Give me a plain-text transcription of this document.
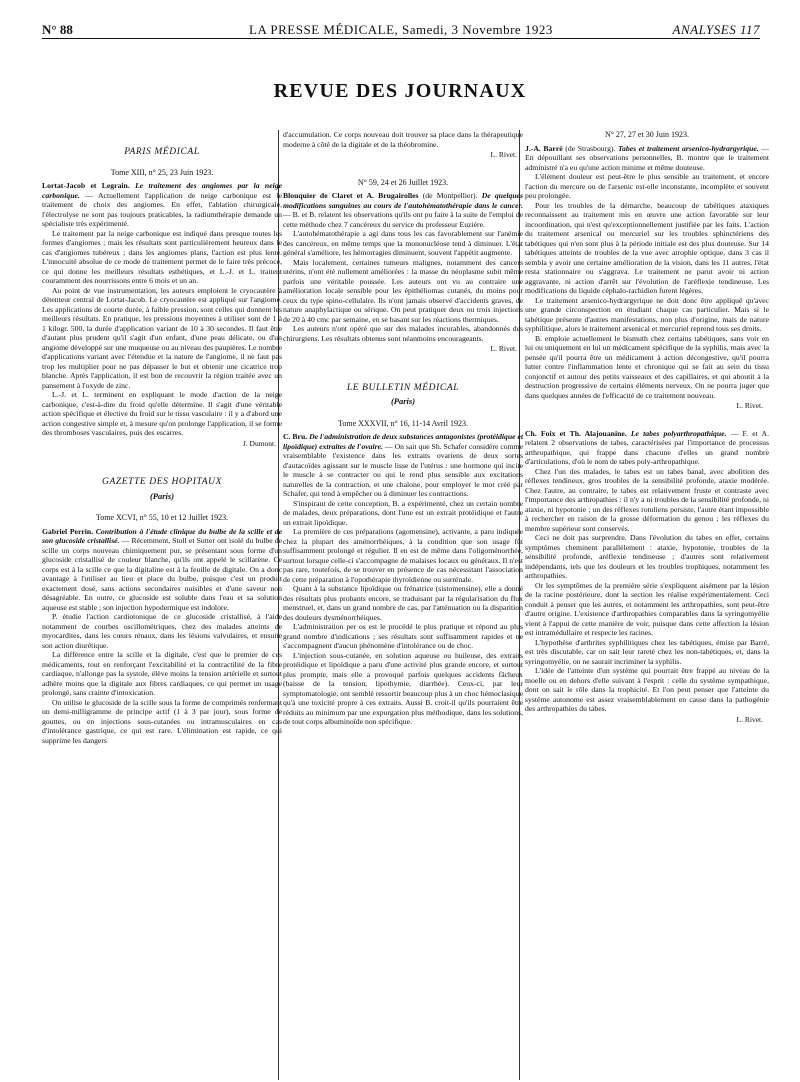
N° 88	LA PRESSE MÉDICALE, Samedi, 3 Novembre 1923	ANALYSES 117
REVUE DES JOURNAUX
PARIS MÉDICAL
Tome XIII, n° 25, 23 Juin 1923.

Lortat-Jacob et Legrain. Le traitement des angiomes par la neige carbonique. — Actuellement l'application de neige carbonique est le traitement de choix des angiomes. En effet, l'ablation chirurgicale, l'électrolyse ne sont pas toujours praticables, la radiumthérapie demande un spécialiste très expérimenté.

Le traitement par la neige carbonique est indiqué dans presque toutes les formes d'angiomes ; mais les résultats sont particulièrement heureux dans le cas d'angiomes tubéreux ; dans les angiomes plans, l'action est plus lente. L'innocuité absolue de ce mode de traitement permet de le faire très précoce, ce qui donne les meilleurs résultats esthétiques, et L.-J. et L. traitent couramment des nourrissons entre 6 mois et un an.

Au point de vue instrumentation, les auteurs emploient le cryocautère à détenteur central de Lortat-Jacob. Le cryocautère est appliqué sur l'angiome. Les applications de courte durée, à faible pression, sont celles qui donnent les meilleurs résultats. En pratique, les pressions moyennes à utiliser sont de 1 à 1 kilogr. 500, la durée d'application variant de 10 à 30 secondes. Il faut être d'autant plus prudent qu'il s'agit d'un enfant, d'une peau délicate, ou d'un angiome développé sur une muqueuse ou au niveau des paupières. Le nombre d'applications variant avec l'étendue et la nature de l'angiome, il ne faut pas trop les multiplier pour ne pas dépasser le but et obtenir une cicatrice trop blanche. Après l'application, il est bon de recouvrir la région traitée avec un pansement à l'oxyde de zinc.

L.-J. et L. terminent en expliquant le mode d'action de la neige carbonique, c'est-à-dire du froid qu'elle détermine. Il s'agit d'une véritable action spécifique et élective du froid sur le tissu vasculaire : il y a d'abord une action congestive simple et, à mesure qu'on prolonge l'application, il se forme des thromboses vasculaires, puis des escarres.

J. Dumont.
GAZETTE DES HOPITAUX
(Paris)
Tome XCVI, n° 55, 10 et 12 Juillet 1923.

Gabriel Perrin. Contribution à l'étude clinique du bulbe de la scille et de son glucoside cristallisé. — Récemment, Stoll et Sutter ont isolé du bulbe de scille un corps nouveau chimiquement pur, se présentant sous forme d'un glucoside cristallisé de couleur blanche, qu'ils ont appelé le scillarène. Ce corps est à la scille ce que la digitaline est à la feuille de digitale. On a donc avantage à l'utiliser au lieu et place du bulbe, puisque c'est un produit exactement dosé, sans actions secondaires nuisibles et d'une saveur non désagréable. En outre, ce glucoside est soluble dans l'eau et sa solution aqueuse est stable ; son injection hypodermique est indolore.

P. étudie l'action cardiotonique de ce glucoside cristallisé, à l'aide notamment de courbes oscillométriques, chez des malades atteints de myocardites, dans les cœurs rénaux, dans les lésions valvulaires, et ensuite son action diurétique.

La différence entre la scille et la digitale, c'est que le premier de ces médicaments, tout en renforçant l'excitabilité et la contractilité de la fibre cardiaque, n'allonge pas la systole, élève moins la tension artérielle et surtout adhère moins que la digitale aux fibres cardiaques, ce qui permet un usage prolongé, sans crainte d'intoxication.

On utilise le glucoside de la scille sous la forme de comprimés renfermant un demi-milligramme de principe actif (1 à 3 par jour), sous forme de gouttes, ou en injections sous-cutanées ou intramusculaires en cas d'intolérance gastrique, ce qui est rare. L'élimination est rapide, ce qui supprime les dangers

d'accumulation. Ce corps nouveau doit trouver sa place dans la thérapeutique moderne à côté de la digitale et de la théobromine.

L. Rivet.
N° 59, 24 et 26 Juillet 1923.

Blouquier de Claret et A. Brugairolles (de Montpellier). De quelques modifications sanguines au cours de l'autohématothérapie dans le cancer. — B. et B. relatent les observations qu'ils ont pu faire à la suite de l'emploi de cette méthode chez 7 cancéreux du service du professeur Euzière.

L'autohématothérapie a agi dans tous les cas favorablement sur l'anémie des cancéreux, en même temps que la mononucléose tend à diminuer. L'état général s'améliore, les hémorragies diminuent, souvent l'appétit augmente.

Mais localement, certaines tumeurs malignes, notamment des cancers utérins, n'ont été nullement améliorées : la masse du néoplasme subit même parfois une véritable poussée. Les auteurs ont vu au contraire une amélioration locale sensible pour les épithéliomas cutanés, du moins pour ceux du type spino-cellulaire. Ils n'ont jamais observé d'accidents graves, de nature anaphylactique ou sérique. On peut pratiquer deux ou trois injections de 20 à 40 cmc par semaine, en se basant sur les réactions thermiques.

Les auteurs n'ont opéré que sur des malades incurables, abandonnés des chirurgiens. Les résultats obtenus sont néanmoins encourageants.

L. Rivet.
LE BULLETIN MÉDICAL
(Paris)
Tome XXXVII, n° 16, 11-14 Avril 1923.

C. Bru. De l'administration de deux substances antagonistes (protéidique et lipoïdique) extraites de l'ovaire. — On sait que Sh. Schafer considère comme vraisemblable l'existence dans les extraits ovariens de deux sortes d'autacoïdes agissant sur le muscle lisse de l'utérus : une hormone qui incite le muscle à se contracter ou qui le rend plus sensible aux excitations naturelles de la contraction, et une chalone, pour employer le mot créé par Schafer, qui tend à empêcher ou à diminuer les contractions.

S'inspirant de cette conception, B. a expérimenté, chez un certain nombre de malades, deux préparations, dont l'une est un extrait protéidique et l'autre un extrait lipoïdique.

La première de ces préparations (agomensine), activante, a paru indiquée chez la plupart des aménorrhéiques, à la condition que son usage fût suffisamment prolongé et régulier. Il en est de même dans l'oligoménorrhée, surtout lorsque celle-ci s'accompagne de malaises locaux ou généraux. Il n'est pas rare, toutefois, de se trouver en présence de cas nécessitant l'association de cette préparation à l'opothérapie thyroïdienne ou surrénale.

Quant à la substance lipoïdique ou frénatrice (sistomensine), elle a donné des résultats plus probants encore, se traduisant par la régularisation du flux menstruel, et, dans un grand nombre de cas, par l'atténuation ou la disparition des douleurs dysménorrhéiques.

L'administration per os est le procédé le plus pratique et répond au plus grand nombre d'indications ; ses résultats sont suffisamment rapides et ne s'accompagnent d'aucun phénomène d'intolérance ou de choc.

L'injection sous-cutanée, en solution aqueuse ou huileuse, des extraits protéidique et lipoïdique a paru d'une activité plus grande encore, et surtout plus prompte, mais elle a provoqué parfois quelques accidents fâcheux (baisse de la tension, lipothymie, diarrhée). Ceux-ci, par leur symptomatologie, ont semblé ressortir beaucoup plus à un choc hémoclasique qu'à une toxicité propre à ces extraits. Aussi B. croit-il qu'ils pourraient être réduits au minimum par une expurgation plus méthodique, dans les solutions, de tout corps albuminoïde non spécifique.

N° 27, 27 et 30 Juin 1923.

J.-A. Barré (de Strasbourg). Tabes et traitement arsenico-hydrargyrique. — En dépouillant ses observations personnelles, B. montre que le traitement administré n'a eu qu'une action minime et même douteuse.

L'élément douleur est peut-être le plus sensible au traitement, et encore l'action du mercure ou de l'arsenic est-elle inconstante, incomplète et souvent peu prolongée.

Pour les troubles de la démarche, beaucoup de tabétiques ataxiques reconnaissent au traitement mis en œuvre une action favorable sur leur incoordination, qui n'est qu'exceptionnellement justifiée par les faits. L'action du traitement arsenical ou mercuriel sur les troubles sphinctériens des tabétiques qui n'en sont plus à la période initiale est des plus douteuse. Sur 14 tabétiques atteints de troubles de la vue avec atrophie optique, dans 3 cas il sembla y avoir une certaine amélioration de la vision, dans les 11 autres, l'état resta stationnaire ou s'aggrava. Le traitement ne parut avoir ni action aggravante, ni action d'arrêt sur l'évolution de l'aréflexie tendineuse. Les modifications du liquide céphalo-rachidien furent légères.

Le traitement arsenico-hydrargyrique ne doit donc être appliqué qu'avec une grande circonspection en étudiant chaque cas particulier. Mais si le tabétique présente d'autres manifestations, non plus d'origine, mais de nature syphilitique, alors le traitement arsenical et mercuriel reprend tous ses droits.

B. emploie actuellement le bismuth chez certains tabétiques, sans voir en lui ou uniquement en lui un médicament spécifique de la syphilis, mais avec la pensée qu'il pourra être un médicament à action décongestive, qu'il pourra lutter contre l'inflammation lente et chronique qui se fait au sein du tissu conjonctif et autour des petits vaisseaux et des capillaires, et qui aboutit à la destruction progressive de certains éléments nerveux. On ne pourra juger que dans quelques années de l'efficacité de ce traitement nouveau.

L. Rivet.

Ch. Foix et Th. Alajouanine. Le tabes polyarthropathique. — F. et A. relatent 2 observations de tabes, caractérisées par l'importance de processus arthropathique, qui frappe dans chacune d'elles un grand nombre d'articulations, d'où le nom de tabes poly-arthropathique.

Chez l'un des malades, le tabes est un tabes banal, avec abolition des réflexes tendineux, gros troubles de la sensibilité profonde, ataxie modérée. Chez l'autre, au contraire, le tabes est relativement fruste et contraste avec l'importance des arthropathies : il n'y a ni troubles de la sensibilité profonde, ni ataxie, ni hypotonie ; un des réflexes rotuliens persiste, l'autre étant impossible à rechercher en raison de la grosse déformation du genou ; les réflexes du membre supérieur sont conservés.

Ceci ne doit pas surprendre. Dans l'évolution du tabes en effet, certains symptômes cheminent parallèlement : ataxie, hypotonie, troubles de la sensibilité profonde, aréflexie tendineuse ; d'autres sont relativement indépendants, tels que les douleurs et les troubles trophiques, notamment les arthropathies.

Or les symptômes de la première série s'expliquent aisément par la lésion de la racine postérieure, dont la section les réalise expérimentalement. Ceci conduit à penser que les autres, et notamment les arthropathies, sont peut-être d'autre origine. L'existence d'arthropathies comparables dans la syringomyélie vient à l'appui de cette manière de voir, puisque dans cette affection la lésion est intramédullaire et respecte les racines.

L'hypothèse d'arthrites syphilitiques chez les tabétiques, émise par Barré, est très discutable, car on sait leur rareté chez les non-tabétiques, et, dans la syringomyélie, on ne saurait incriminer la syphilis.

L'idée de l'atteinte d'un système qui pourrait être frappé au niveau de la moelle ou en dehors d'elle suivant à l'esprit : celle du système sympathique, dont on sait le rôle dans la trophicité. Et l'on peut penser que l'atteinte du système autonome est assez vraisemblablement en cause dans la pathogénie des arthropathies du tabes.

L. Rivet.
